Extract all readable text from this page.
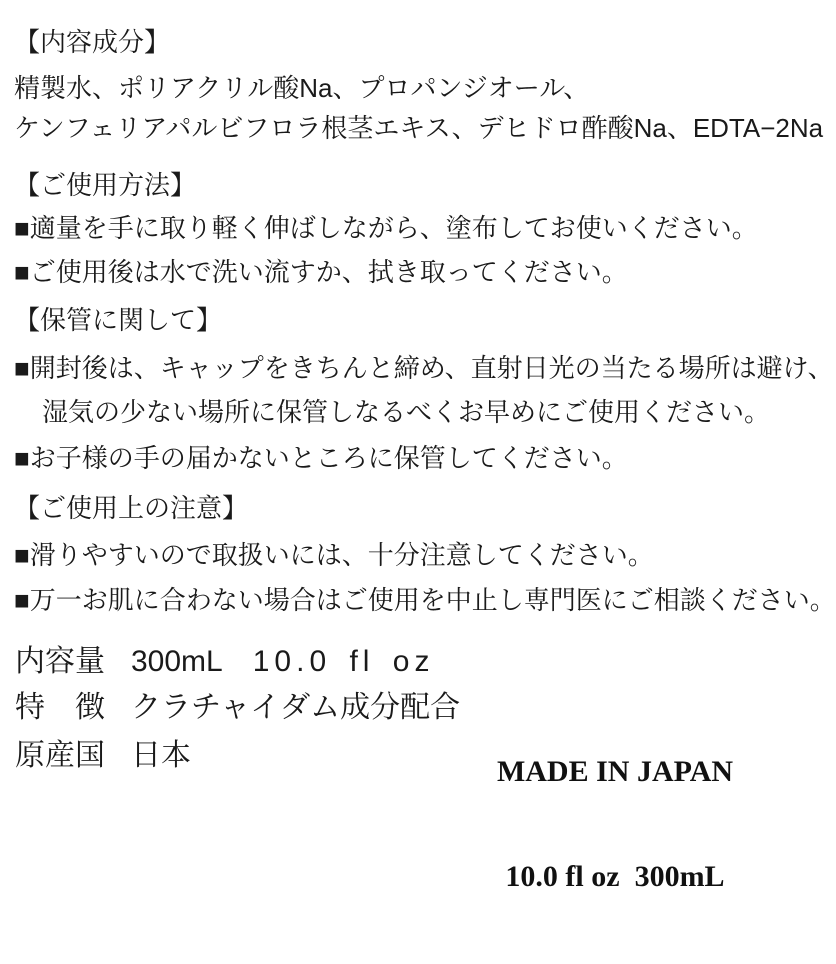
【内容成分】
精製水、ポリアクリル酸Na、プロパンジオール、
ケンフェリアパルビフロラ根茎エキス、デヒドロ酢酸Na、EDTA−2Na
【ご使用方法】
■適量を手に取り軽く伸ばしながら、塗布してお使いください。
■ご使用後は水で洗い流すか、拭き取ってください。
【保管に関して】
■開封後は、キャップをきちんと締め、直射日光の当たる場所は避け、
湿気の少ない場所に保管しなるべくお早めにご使用ください。
■お子様の手の届かないところに保管してください。
【ご使用上の注意】
■滑りやすいので取扱いには、十分注意してください。
■万一お肌に合わない場合はご使用を中止し専門医にご相談ください。
内容量 300mL 10.0 fl oz
特　徴 クラチャイダム成分配合
原産国 日本

	MADE IN JAPAN

10.0 fl oz  300mL
